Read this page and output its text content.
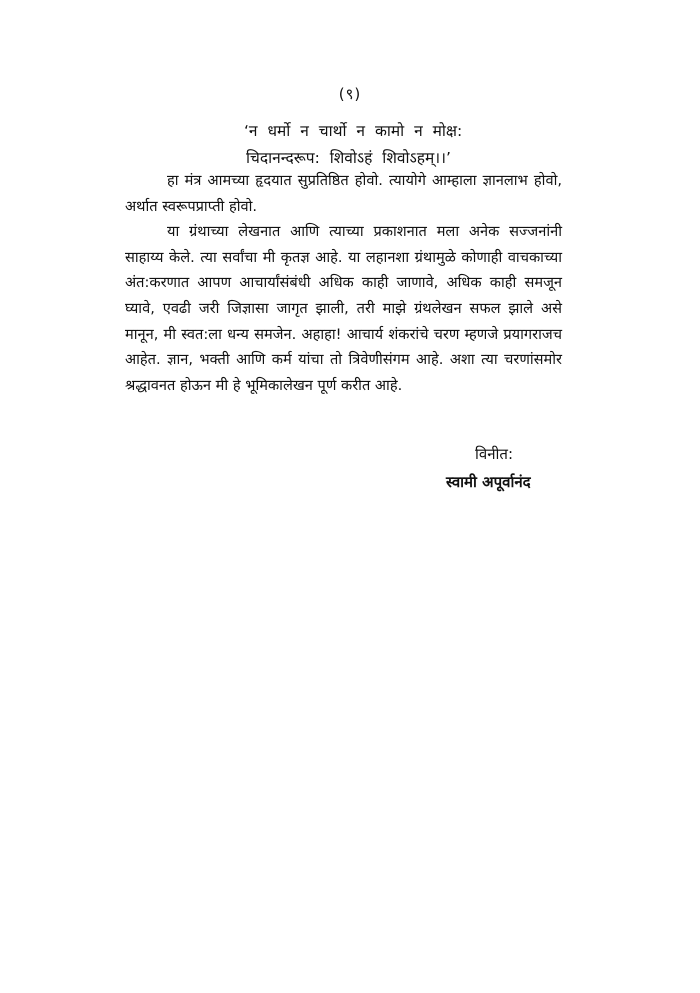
(९)
‘न धर्मो न चार्थो न कामो न मोक्ष:
चिदानन्दरूप: शिवोऽहं शिवोऽहम्।।’

हा मंत्र आमच्या हृदयात सुप्रतिष्ठित होवो. त्यायोगे आम्हाला ज्ञानलाभ होवो, अर्थात स्वरूपप्राप्ती होवो.

या ग्रंथाच्या लेखनात आणि त्याच्या प्रकाशनात मला अनेक सज्जनांनी साहाय्य केले. त्या सर्वांचा मी कृतज्ञ आहे. या लहानशा ग्रंथामुळे कोणाही वाचकाच्या अंत:करणात आपण आचार्यांसंबंधी अधिक काही जाणावे, अधिक काही समजून घ्यावे, एवढी जरी जिज्ञासा जागृत झाली, तरी माझे ग्रंथलेखन सफल झाले असे मानून, मी स्वत:ला धन्य समजेन. अहाहा! आचार्य शंकरांचे चरण म्हणजे प्रयागराजच आहेत. ज्ञान, भक्ती आणि कर्म यांचा तो त्रिवेणीसंगम आहे. अशा त्या चरणांसमोर श्रद्धावनत होऊन मी हे भूमिकालेखन पूर्ण करीत आहे.

विनीत:
स्वामी अपूर्वानंद
